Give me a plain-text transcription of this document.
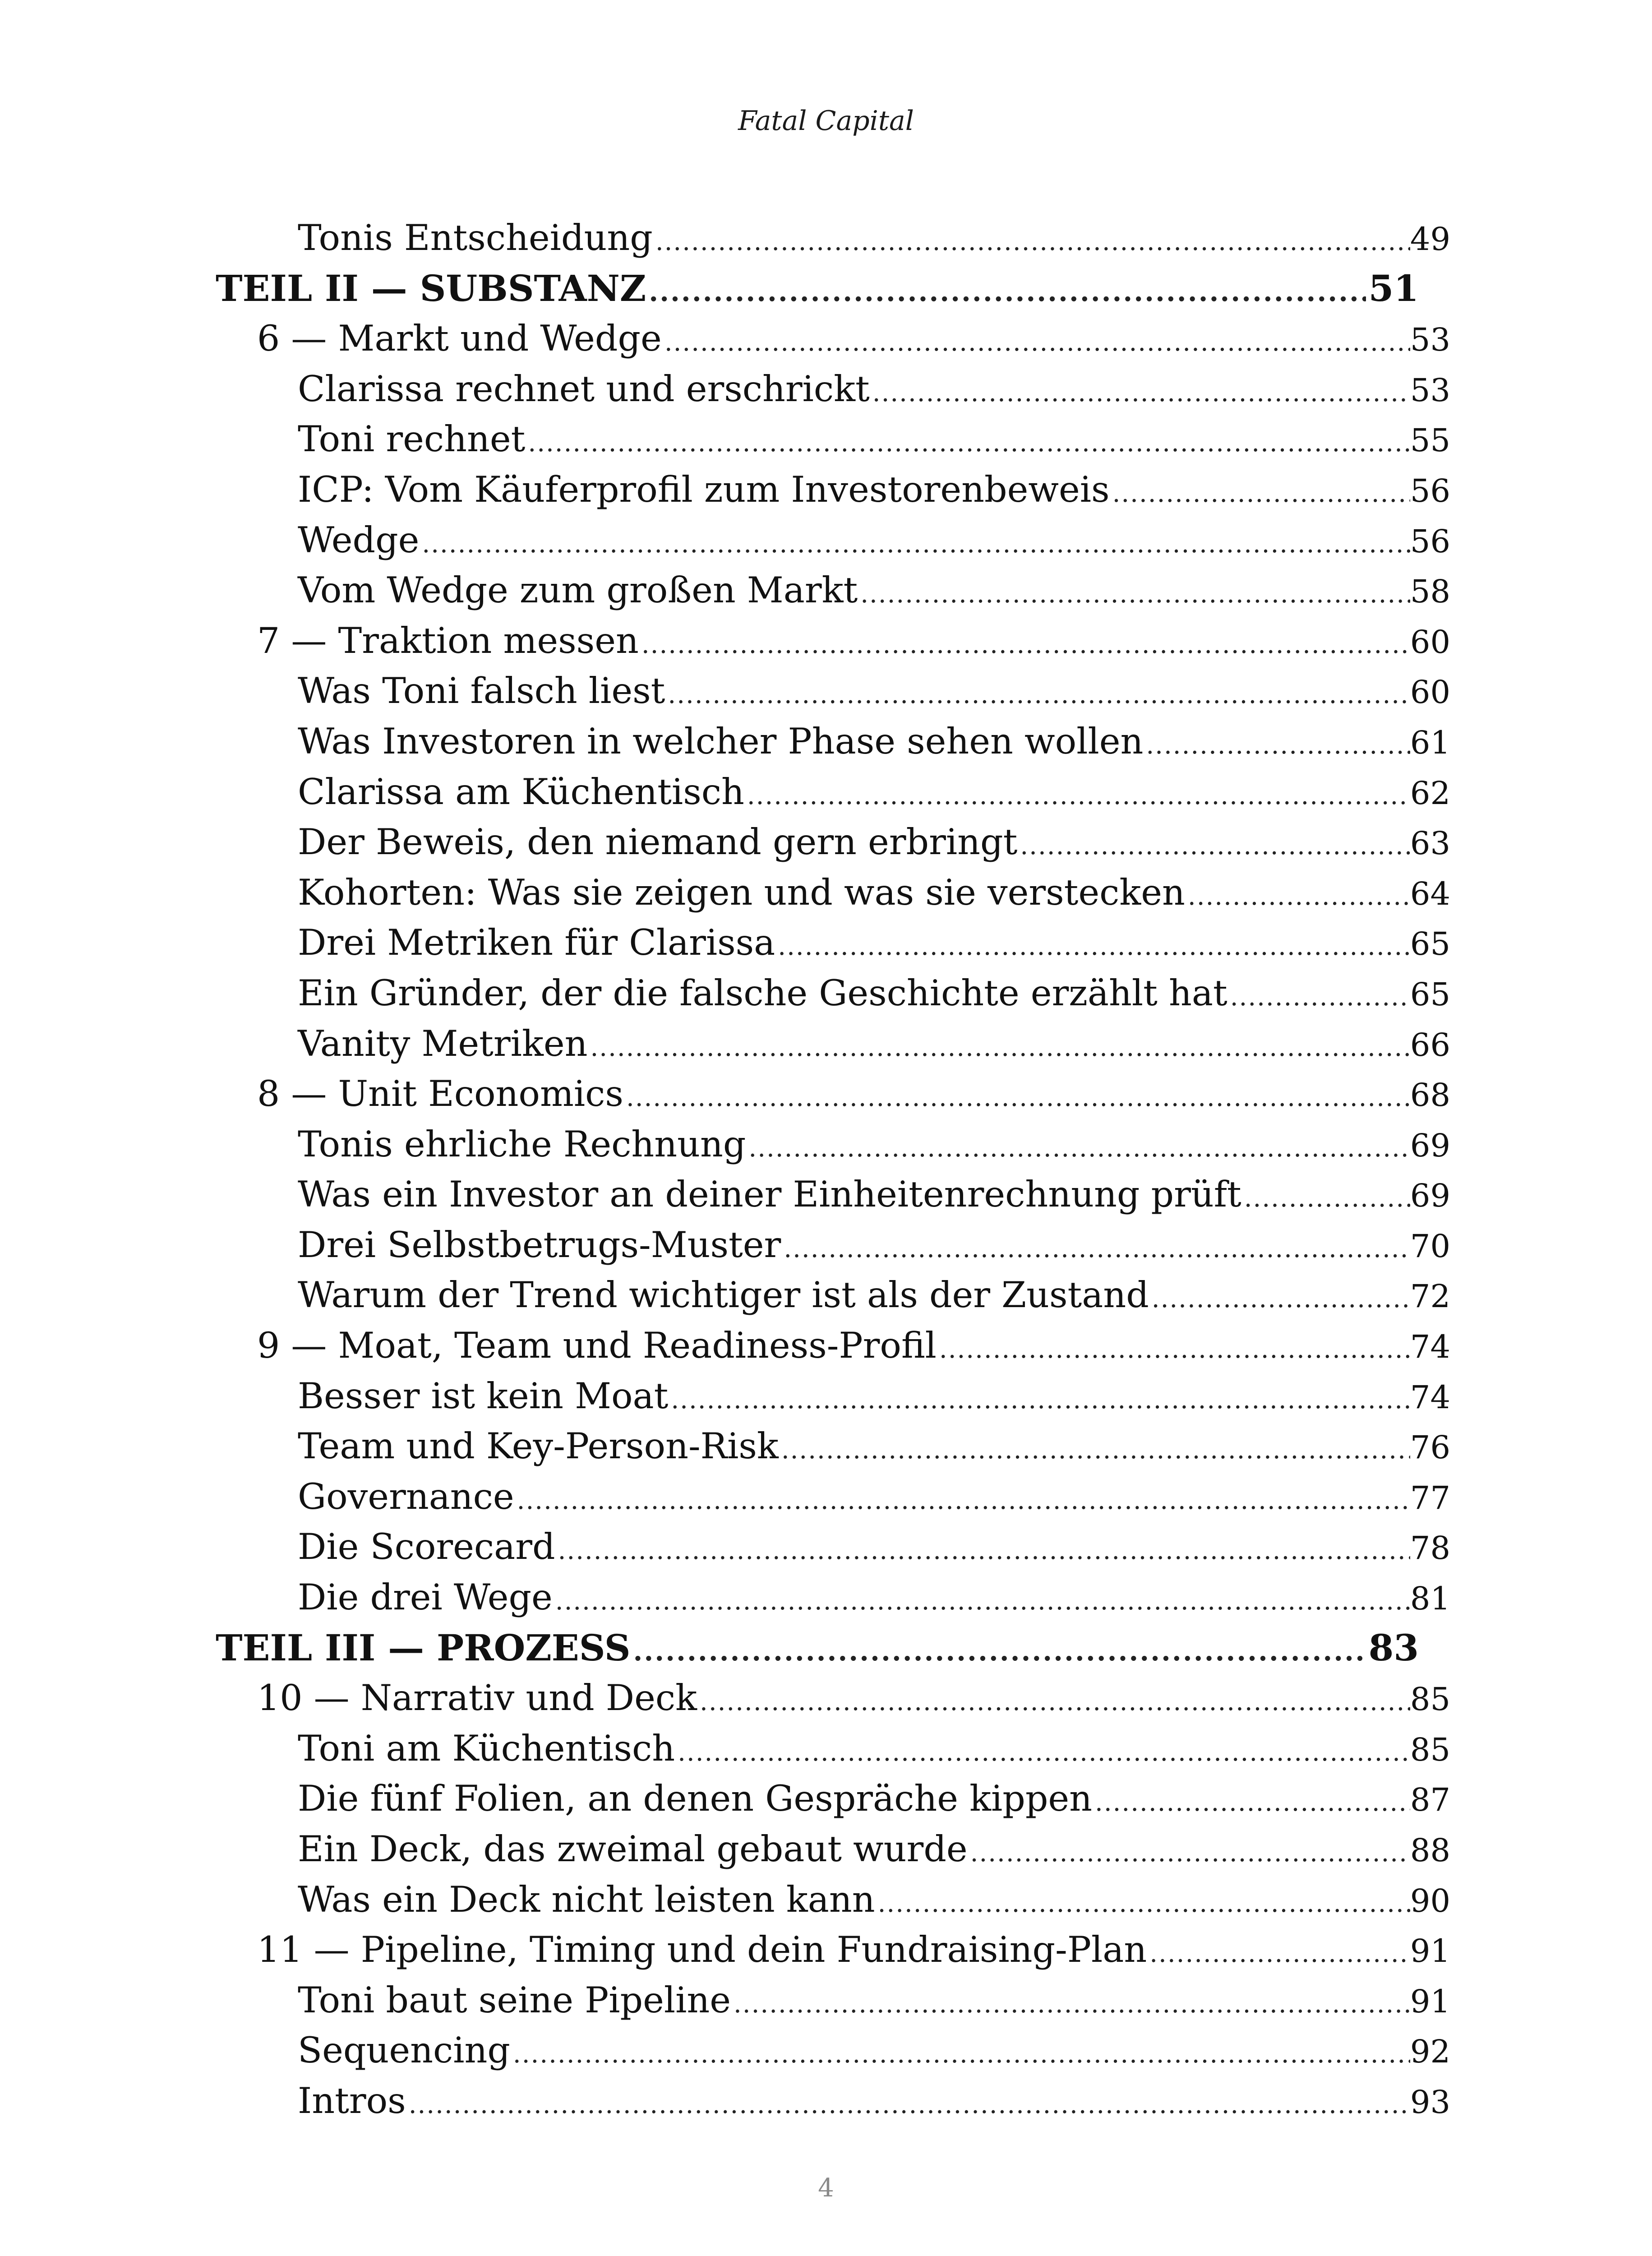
Fatal Capital
Tonis Entscheidung .....	49
TEIL II — SUBSTANZ .....	51
6 — Markt und Wedge .....	53
Clarissa rechnet und erschrickt .....	53
Toni rechnet .....	55
ICP: Vom Käuferprofil zum Investorenbeweis .....	56
Wedge .....	56
Vom Wedge zum großen Markt .....	58
7 — Traktion messen .....	60
Was Toni falsch liest .....	60
Was Investoren in welcher Phase sehen wollen .....	61
Clarissa am Küchentisch .....	62
Der Beweis, den niemand gern erbringt .....	63
Kohorten: Was sie zeigen und was sie verstecken .....	64
Drei Metriken für Clarissa .....	65
Ein Gründer, der die falsche Geschichte erzählt hat .....	65
Vanity Metriken .....	66
8 — Unit Economics .....	68
Tonis ehrliche Rechnung .....	69
Was ein Investor an deiner Einheitenrechnung prüft .....	69
Drei Selbstbetrugs-Muster .....	70
Warum der Trend wichtiger ist als der Zustand .....	72
9 — Moat, Team und Readiness-Profil .....	74
Besser ist kein Moat .....	74
Team und Key-Person-Risk .....	76
Governance .....	77
Die Scorecard .....	78
Die drei Wege .....	81
TEIL III — PROZESS .....	83
10 — Narrativ und Deck .....	85
Toni am Küchentisch .....	85
Die fünf Folien, an denen Gespräche kippen .....	87
Ein Deck, das zweimal gebaut wurde .....	88
Was ein Deck nicht leisten kann .....	90
11 — Pipeline, Timing und dein Fundraising-Plan .....	91
Toni baut seine Pipeline .....	91
Sequencing .....	92
Intros .....	93
4
